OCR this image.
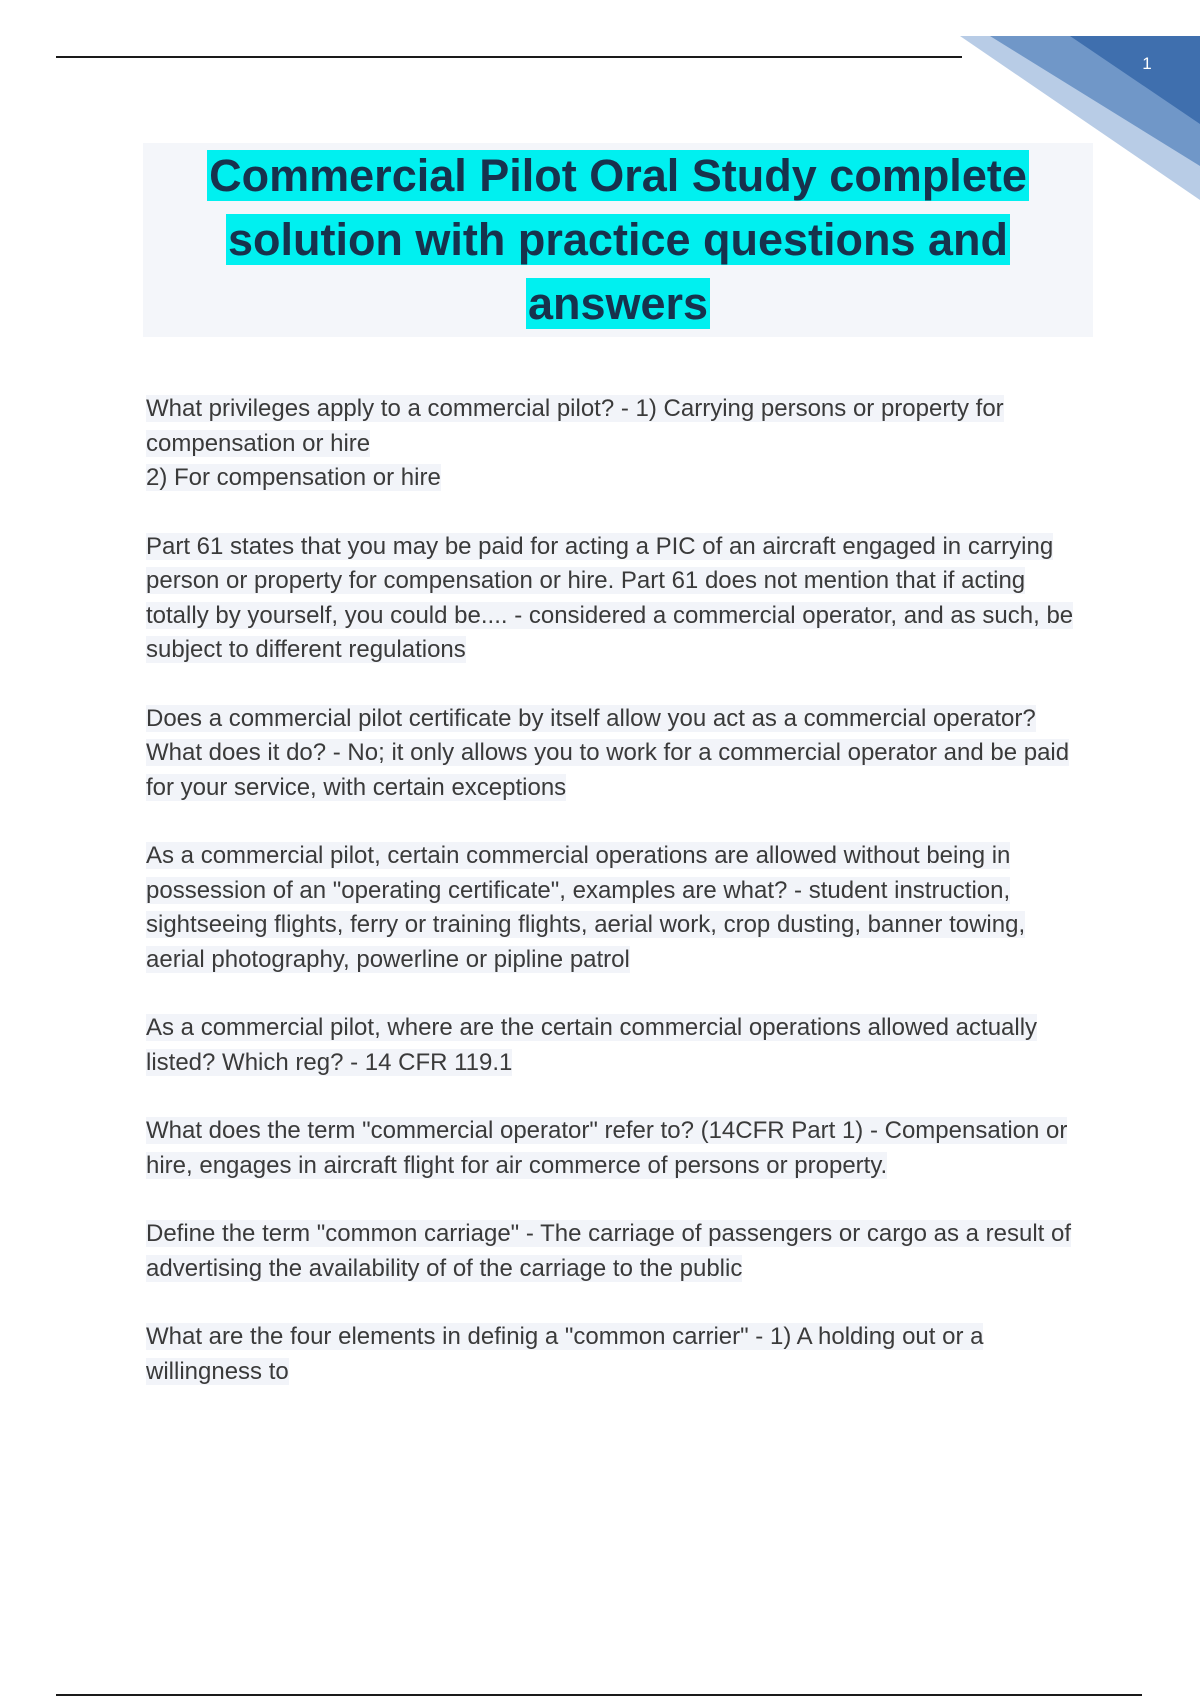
1
Commercial Pilot Oral Study complete solution with practice questions and answers

What privileges apply to a commercial pilot? - 1) Carrying persons or property for compensation or hire
2) For compensation or hire

Part 61 states that you may be paid for acting a PIC of an aircraft engaged in carrying person or property for compensation or hire. Part 61 does not mention that if acting totally by yourself, you could be.... - considered a commercial operator, and as such, be subject to different regulations

Does a commercial pilot certificate by itself allow you act as a commercial operator? What does it do? - No; it only allows you to work for a commercial operator and be paid for your service, with certain exceptions

As a commercial pilot, certain commercial operations are allowed without being in possession of an "operating certificate", examples are what? - student instruction, sightseeing flights, ferry or training flights, aerial work, crop dusting, banner towing, aerial photography, powerline or pipline patrol

As a commercial pilot, where are the certain commercial operations allowed actually listed? Which reg? - 14 CFR 119.1

What does the term "commercial operator" refer to? (14CFR Part 1) - Compensation or hire, engages in aircraft flight for air commerce of persons or property.

Define the term "common carriage" - The carriage of passengers or cargo as a result of advertising the availability of of the carriage to the public

What are the four elements in definig a "common carrier" - 1) A holding out or a willingness to
